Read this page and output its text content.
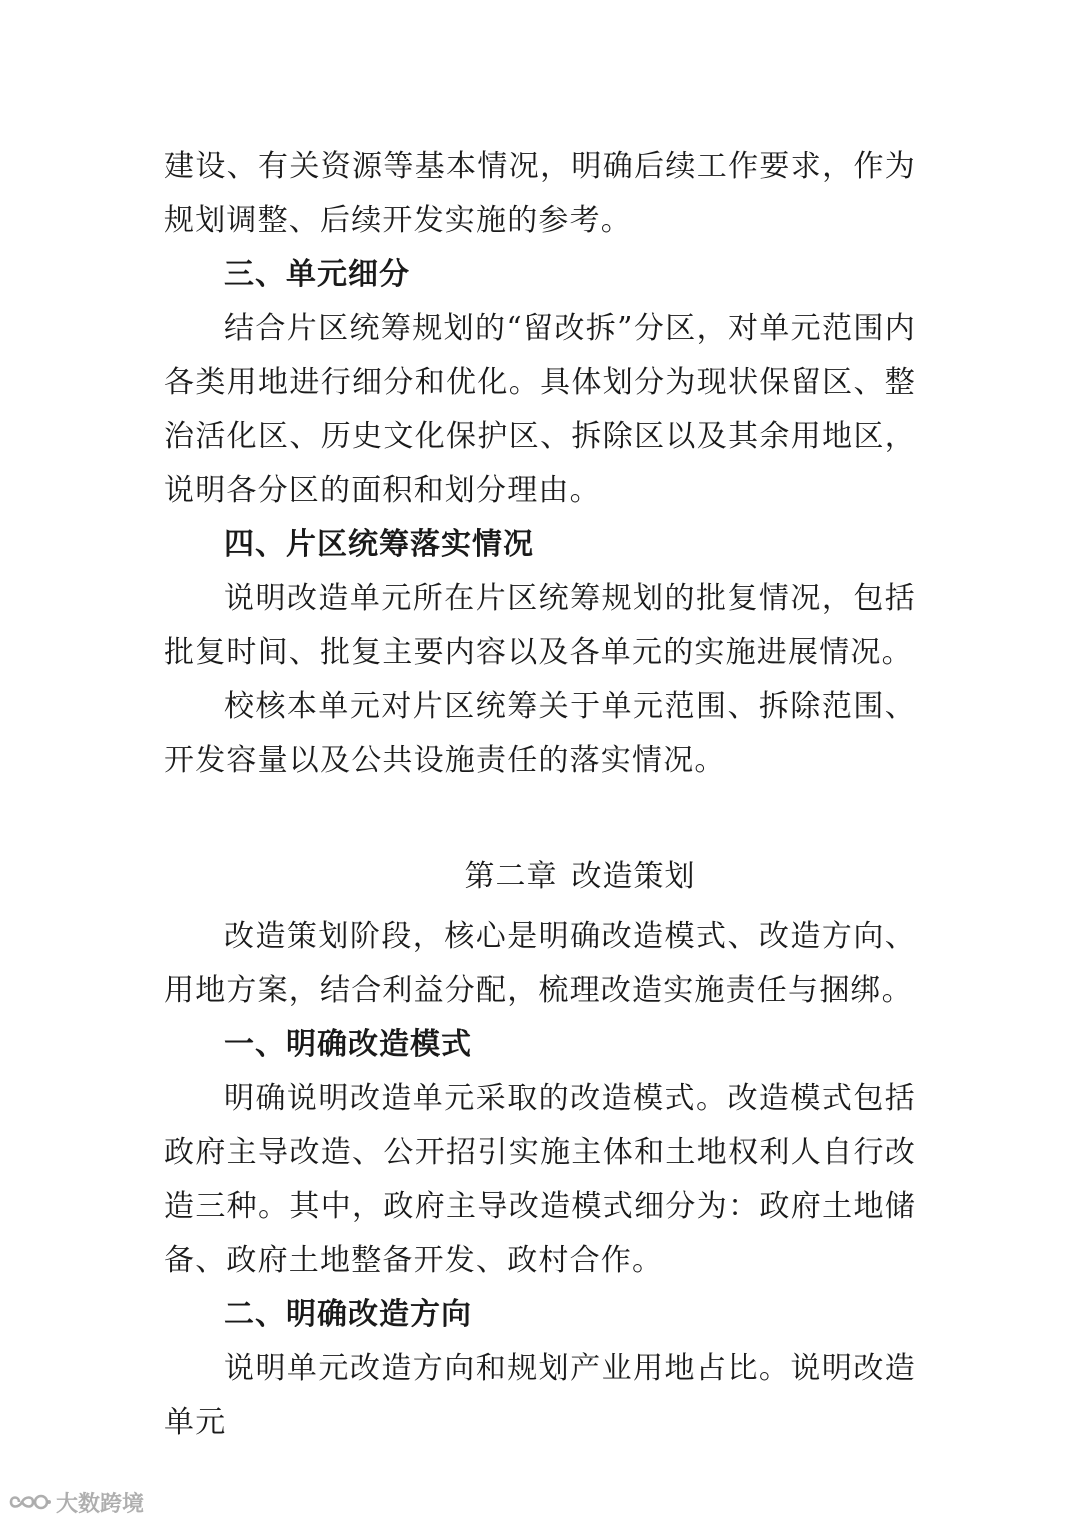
建设、有关资源等基本情况，明确后续工作要求，作为规划调整、后续开发实施的参考。

三、单元细分

结合片区统筹规划的“留改拆”分区，对单元范围内各类用地进行细分和优化。具体划分为现状保留区、整治活化区、历史文化保护区、拆除区以及其余用地区，说明各分区的面积和划分理由。

四、片区统筹落实情况

说明改造单元所在片区统筹规划的批复情况，包括批复时间、批复主要内容以及各单元的实施进展情况。

校核本单元对片区统筹关于单元范围、拆除范围、开发容量以及公共设施责任的落实情况。

第二章 改造策划

改造策划阶段，核心是明确改造模式、改造方向、用地方案，结合利益分配，梳理改造实施责任与捆绑。

一、明确改造模式

明确说明改造单元采取的改造模式。改造模式包括政府主导改造、公开招引实施主体和土地权利人自行改造三种。其中，政府主导改造模式细分为：政府土地储备、政府土地整备开发、政村合作。

二、明确改造方向

说明单元改造方向和规划产业用地占比。说明改造单元

大数跨境
